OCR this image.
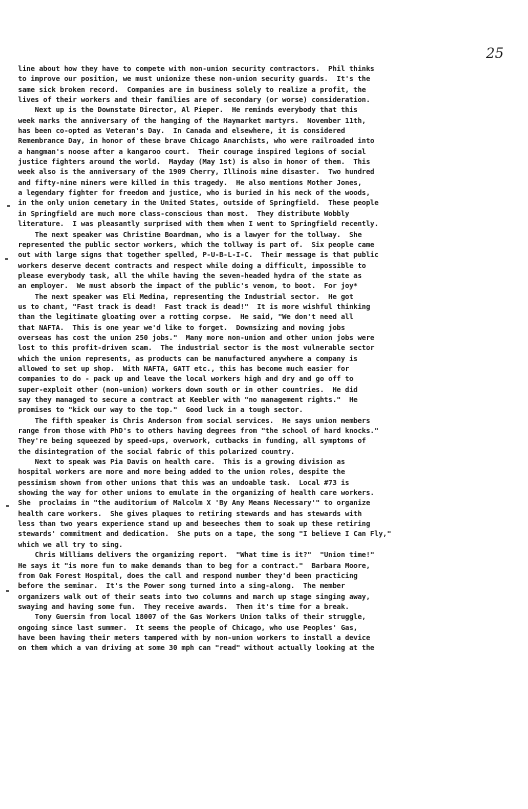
25

line about how they have to compete with non-union security contractors.  Phil thinks
to improve our position, we must unionize these non-union security guards.  It's the
same sick broken record.  Companies are in business solely to realize a profit, the
lives of their workers and their families are of secondary (or worse) consideration.
Next up is the Downstate Director, Al Pieper.  He reminds everybody that this
week marks the anniversary of the hanging of the Haymarket martyrs.  November 11th,
has been co-opted as Veteran's Day.  In Canada and elsewhere, it is considered
Remembrance Day, in honor of these brave Chicago Anarchists, who were railroaded into
a hangman's noose after a kangaroo court.  Their courage inspired legions of social
justice fighters around the world.  Mayday (May 1st) is also in honor of them.  This
week also is the anniversary of the 1909 Cherry, Illinois mine disaster.  Two hundred
and fifty-nine miners were killed in this tragedy.  He also mentions Mother Jones,
a legendary fighter for freedom and justice, who is buried in his neck of the woods,
in the only union cemetary in the United States, outside of Springfield.  These people
in Springfield are much more class-conscious than most.  They distribute Wobbly
literature.  I was pleasantly surprised with them when I went to Springfield recently.
The next speaker was Christine Boardman, who is a lawyer for the tollway.  She
represented the public sector workers, which the tollway is part of.  Six people came
out with large signs that together spelled, P-U-B-L-I-C.  Their message is that public
workers deserve decent contracts and respect while doing a difficult, impossible to
please everybody task, all the while having the seven-headed hydra of the state as
an employer.  We must absorb the impact of the public's venom, to boot.  For joy*
The next speaker was Eli Medina, representing the Industrial sector.  He got
us to chant, "Fast track is dead!  Fast track is dead!"  It is more wishful thinking
than the legitimate gloating over a rotting corpse.  He said, "We don't need all
that NAFTA.  This is one year we'd like to forget.  Downsizing and moving jobs
overseas has cost the union 250 jobs."  Many more non-union and other union jobs were
lost to this profit-driven scam.  The industrial sector is the most vulnerable sector
which the union represents, as products can be manufactured anywhere a company is
allowed to set up shop.  With NAFTA, GATT etc., this has become much easier for
companies to do - pack up and leave the local workers high and dry and go off to
super-exploit other (non-union) workers down south or in other countries.  He did
say they managed to secure a contract at Keebler with "no management rights."  He
promises to "kick our way to the top."  Good luck in a tough sector.
The fifth speaker is Chris Anderson from social services.  He says union members
range from those with PhD's to others having degrees from "the school of hard knocks."
They're being squeezed by speed-ups, overwork, cutbacks in funding, all symptoms of
the disintegration of the social fabric of this polarized country.
Next to speak was Pia Davis on health care.  This is a growing division as
hospital workers are more and more being added to the union roles, despite the
pessimism shown from other unions that this was an undoable task.  Local #73 is
showing the way for other unions to emulate in the organizing of health care workers.
She  proclaims in "the auditorium of Malcolm X 'By Any Means Necessary'" to organize
health care workers.  She gives plaques to retiring stewards and has stewards with
less than two years experience stand up and beseeches them to soak up these retiring
stewards' commitment and dedication.  She puts on a tape, the song "I believe I Can Fly,"
which we all try to sing.
Chris Williams delivers the organizing report.  "What time is it?"  "Union time!"
He says it "is more fun to make demands than to beg for a contract."  Barbara Moore,
from Oak Forest Hospital, does the call and respond number they'd been practicing
before the seminar.  It's the Power song turned into a sing-along.  The member
organizers walk out of their seats into two columns and march up stage singing away,
swaying and having some fun.  They receive awards.  Then it's time for a break.
Tony Guersin from local 18007 of the Gas Workers Union talks of their struggle,
ongoing since last summer.  It seems the people of Chicago, who use Peoples' Gas,
have been having their meters tampered with by non-union workers to install a device
on them which a van driving at some 30 mph can "read" without actually looking at the
